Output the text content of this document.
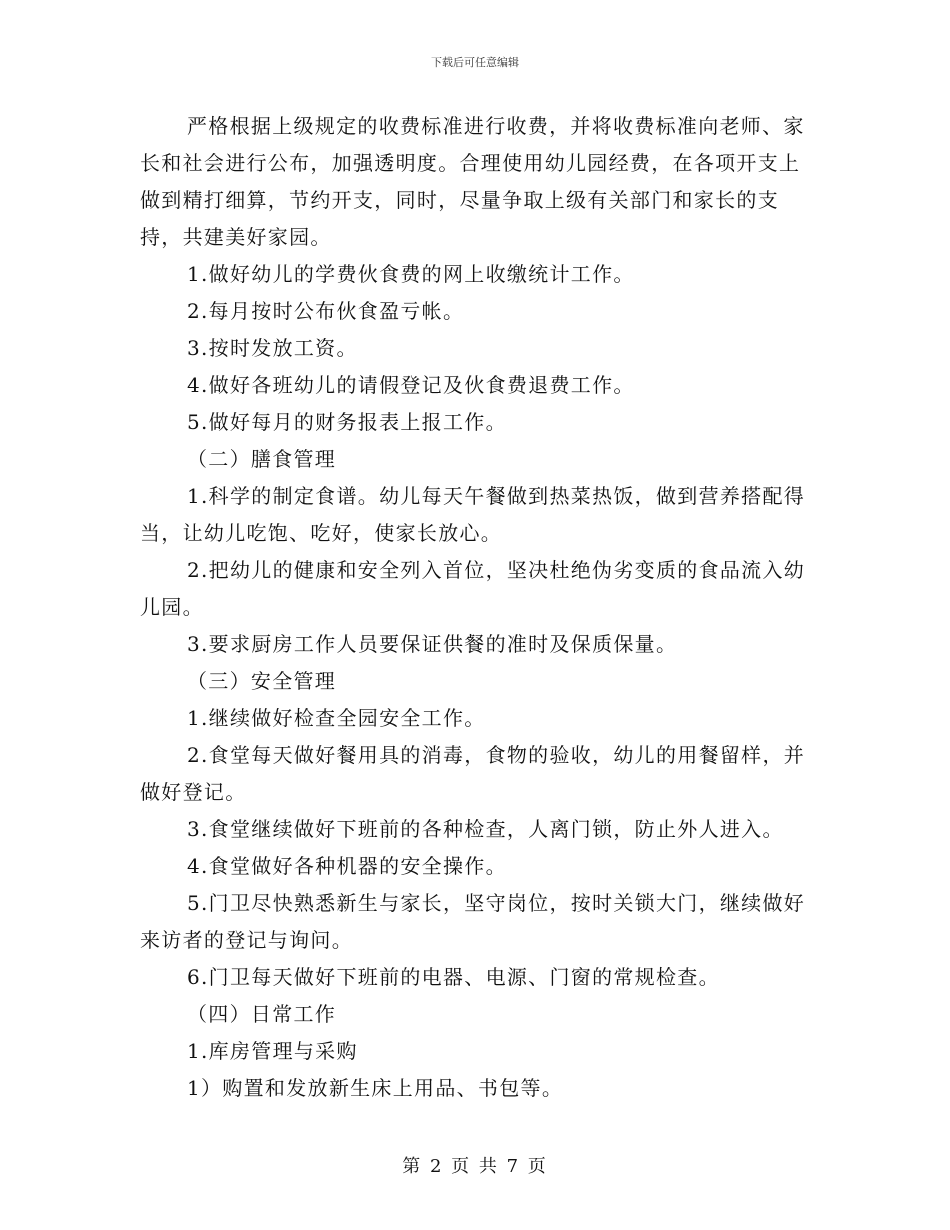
下载后可任意编辑

严格根据上级规定的收费标准进行收费，并将收费标准向老师、家长和社会进行公布，加强透明度。合理使用幼儿园经费，在各项开支上做到精打细算，节约开支，同时，尽量争取上级有关部门和家长的支持，共建美好家园。

1.做好幼儿的学费伙食费的网上收缴统计工作。

2.每月按时公布伙食盈亏帐。

3.按时发放工资。

4.做好各班幼儿的请假登记及伙食费退费工作。

5.做好每月的财务报表上报工作。

（二）膳食管理

1.科学的制定食谱。幼儿每天午餐做到热菜热饭，做到营养搭配得当，让幼儿吃饱、吃好，使家长放心。

2.把幼儿的健康和安全列入首位，坚决杜绝伪劣变质的食品流入幼儿园。

3.要求厨房工作人员要保证供餐的准时及保质保量。

（三）安全管理

1.继续做好检查全园安全工作。

2.食堂每天做好餐用具的消毒，食物的验收，幼儿的用餐留样，并做好登记。

3.食堂继续做好下班前的各种检查，人离门锁，防止外人进入。

4.食堂做好各种机器的安全操作。

5.门卫尽快熟悉新生与家长，坚守岗位，按时关锁大门，继续做好来访者的登记与询问。

6.门卫每天做好下班前的电器、电源、门窗的常规检查。

（四）日常工作

1.库房管理与采购

1）购置和发放新生床上用品、书包等。

第 2 页 共 7 页
